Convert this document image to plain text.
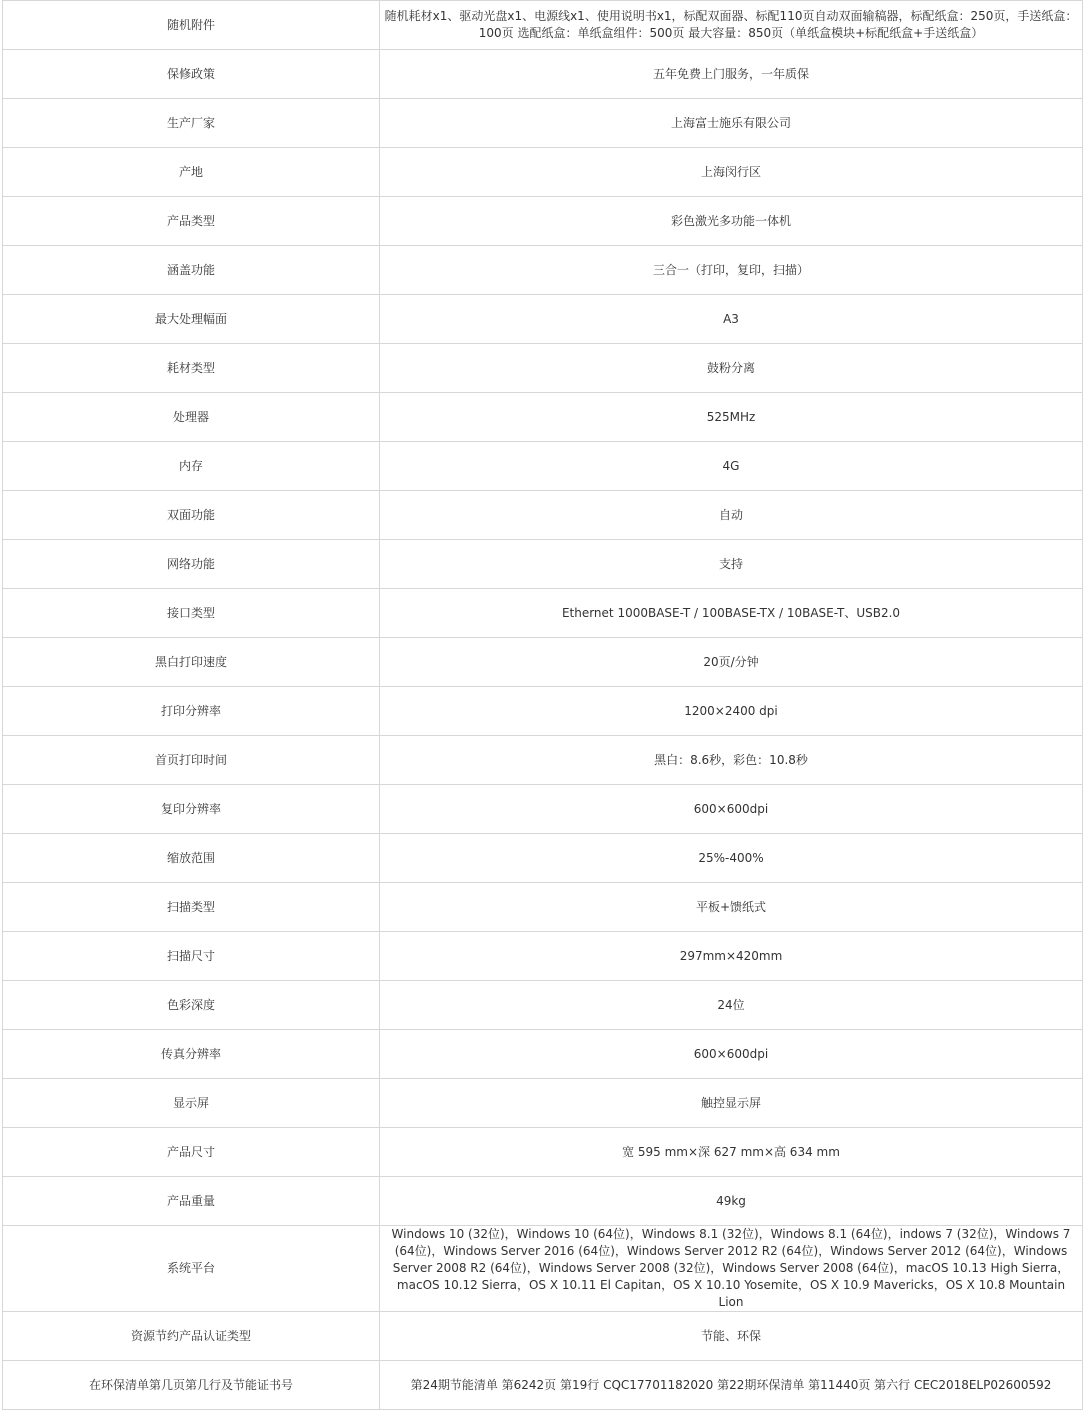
随机附件	随机耗材x1、驱动光盘x1、电源线x1、使用说明书x1，标配双面器、标配110页自动双面输稿器，标配纸盒：250页，手送纸盒：100页 选配纸盒：单纸盒组件：500页 最大容量：850页（单纸盒模块+标配纸盒+手送纸盒）
保修政策	五年免费上门服务，一年质保
生产厂家	上海富士施乐有限公司
产地	上海闵行区
产品类型	彩色激光多功能一体机
涵盖功能	三合一（打印，复印，扫描）
最大处理幅面	A3
耗材类型	鼓粉分离
处理器	525MHz
内存	4G
双面功能	自动
网络功能	支持
接口类型	Ethernet 1000BASE-T / 100BASE-TX / 10BASE-T、USB2.0
黑白打印速度	20页/分钟
打印分辨率	1200×2400 dpi
首页打印时间	黑白：8.6秒，彩色：10.8秒
复印分辨率	600×600dpi
缩放范围	25%-400%
扫描类型	平板+馈纸式
扫描尺寸	297mm×420mm
色彩深度	24位
传真分辨率	600×600dpi
显示屏	触控显示屏
产品尺寸	宽 595 mm×深 627 mm×高 634 mm
产品重量	49kg
系统平台	Windows 10 (32位)，Windows 10 (64位)，Windows 8.1 (32位)，Windows 8.1 (64位)，indows 7 (32位)，Windows 7 (64位)，Windows Server 2016 (64位)，Windows Server 2012 R2 (64位)，Windows Server 2012 (64位)，Windows Server 2008 R2 (64位)，Windows Server 2008 (32位)，Windows Server 2008 (64位)，macOS 10.13 High Sierra，macOS 10.12 Sierra，OS X 10.11 El Capitan，OS X 10.10 Yosemite，OS X 10.9 Mavericks，OS X 10.8 Mountain Lion
资源节约产品认证类型	节能、环保
在环保清单第几页第几行及节能证书号	第24期节能清单 第6242页 第19行 CQC17701182020 第22期环保清单 第11440页 第六行 CEC2018ELP02600592
